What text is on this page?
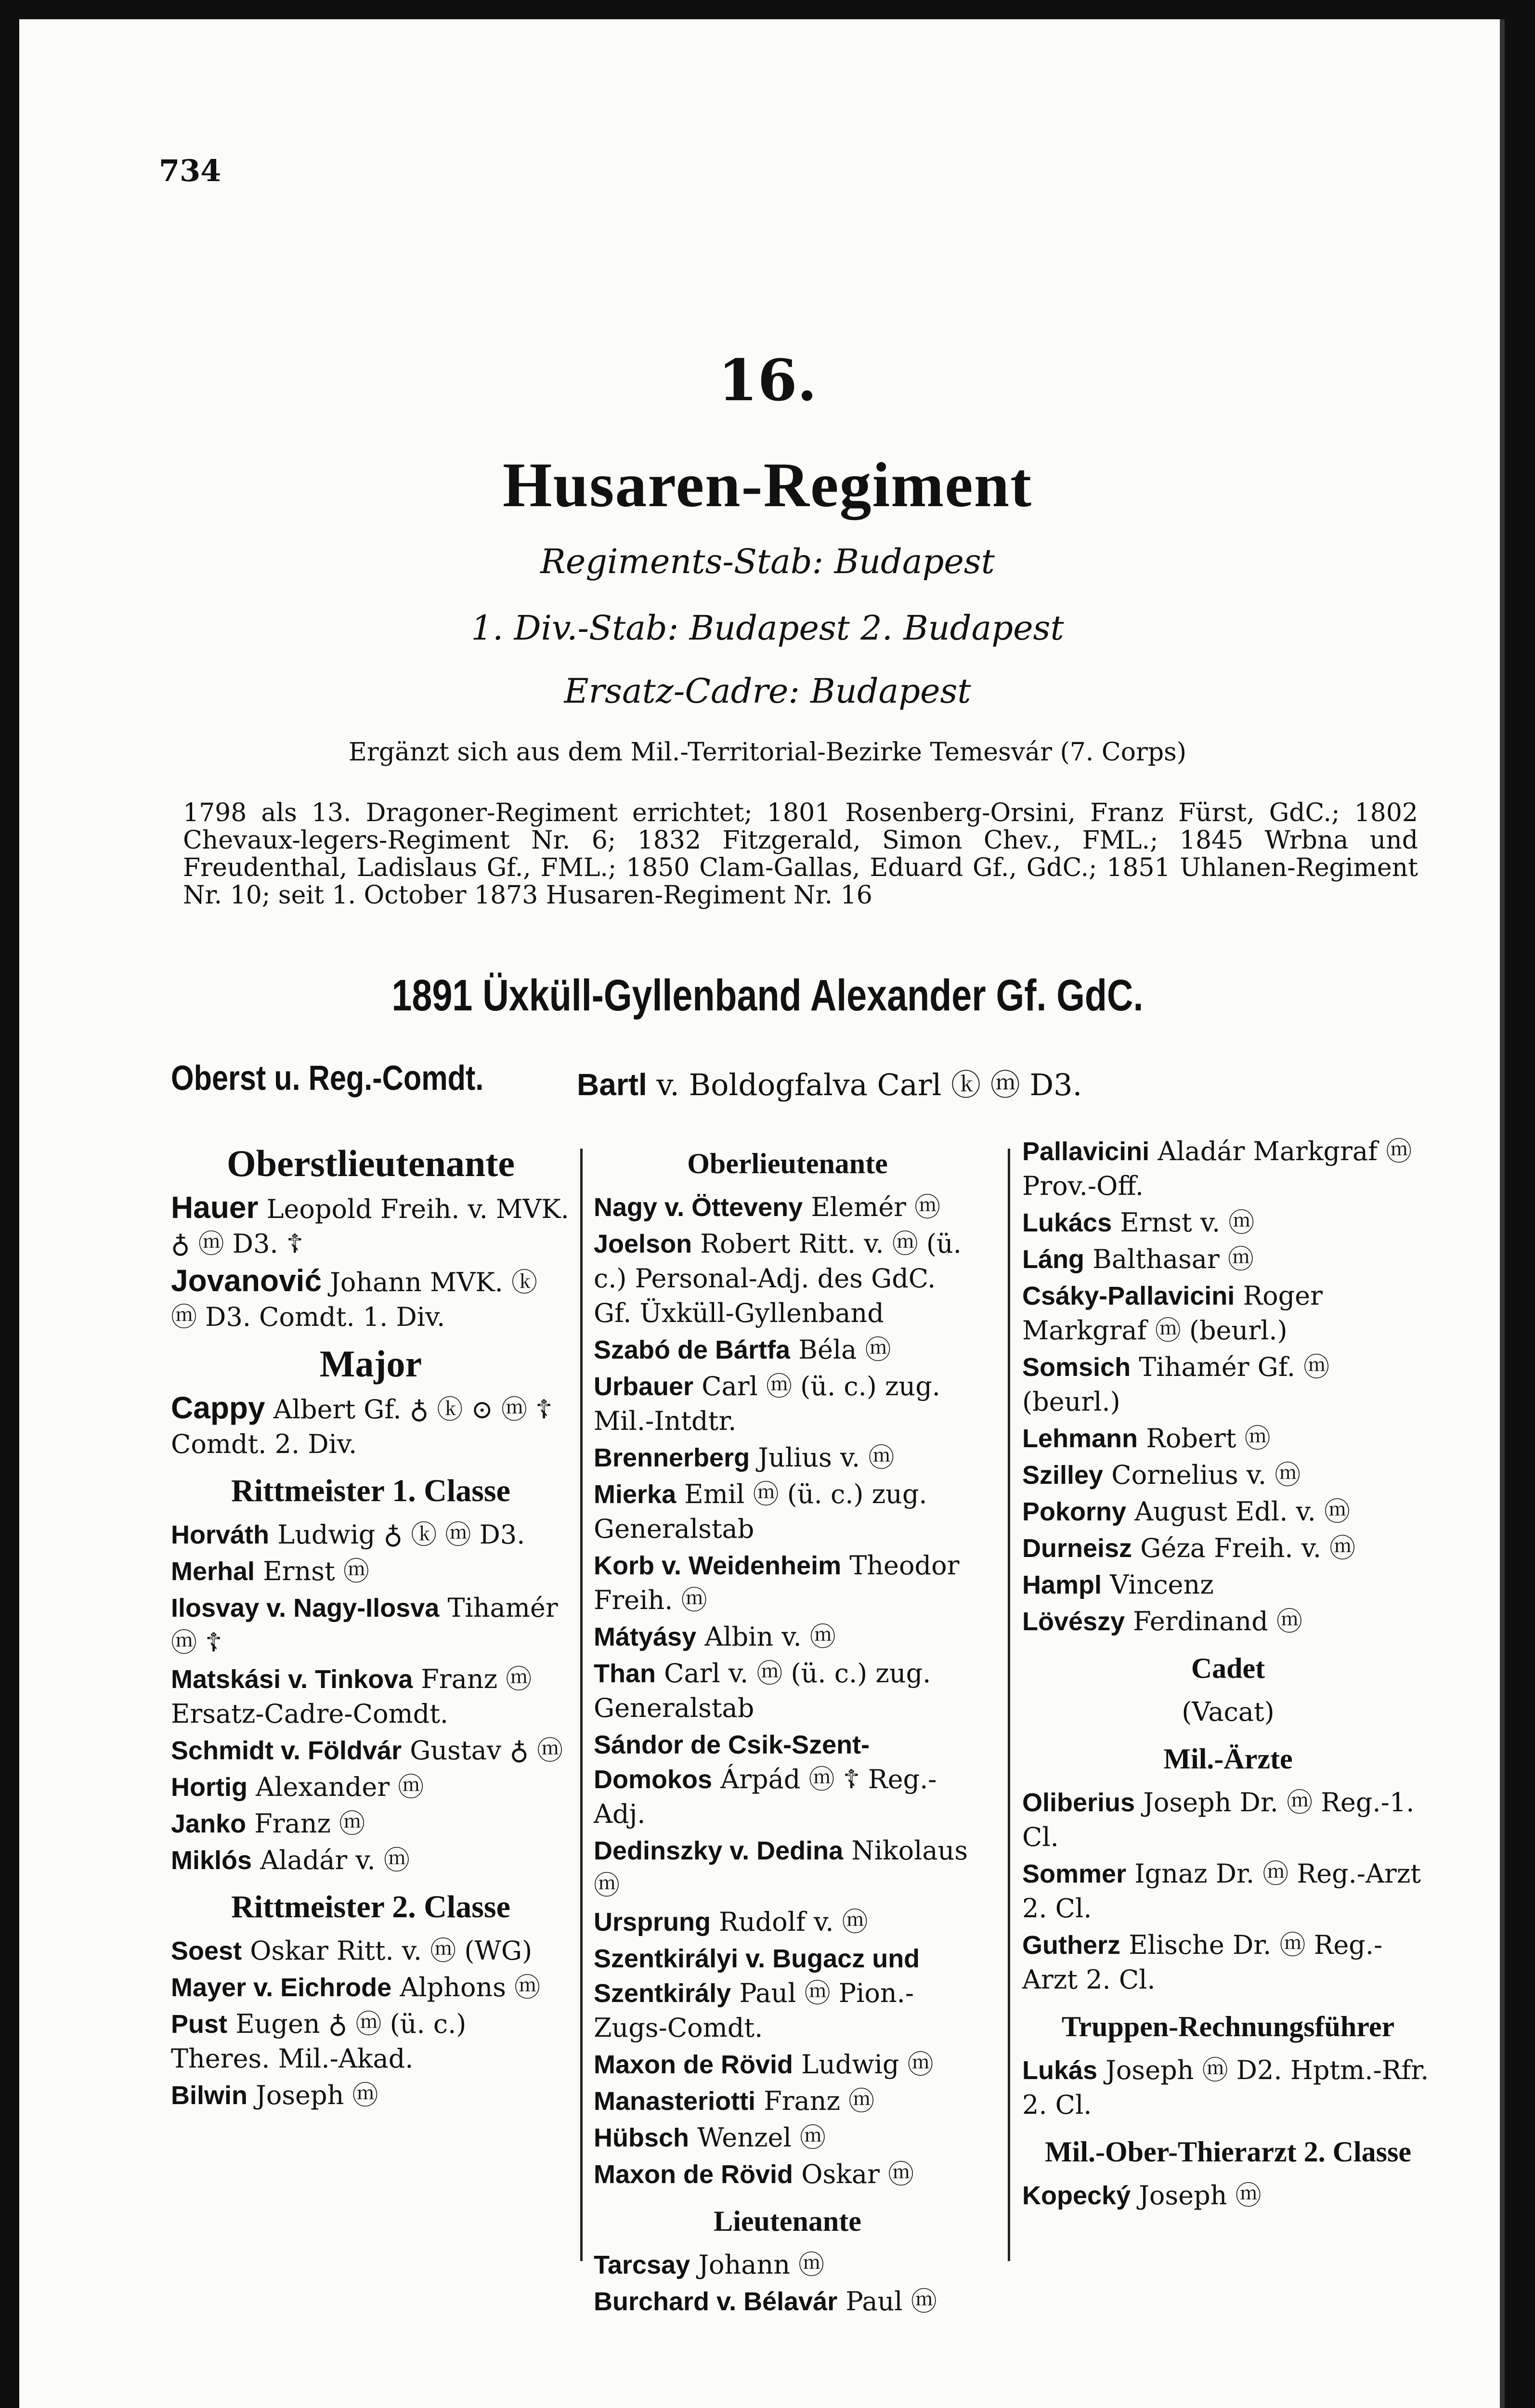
734
16.
Husaren-Regiment
Regiments-Stab: Budapest
1. Div.-Stab: Budapest 2. Budapest
Ersatz-Cadre: Budapest
Ergänzt sich aus dem Mil.-Territorial-Bezirke Temesvár (7. Corps)
1798 als 13. Dragoner-Regiment errichtet; 1801 Rosenberg-Orsini, Franz Fürst, GdC.; 1802 Chevaux-legers-Regiment Nr. 6; 1832 Fitzgerald, Simon Chev., FML.; 1845 Wrbna und Freudenthal, Ladislaus Gf., FML.; 1850 Clam-Gallas, Eduard Gf., GdC.; 1851 Uhlanen-Regiment Nr. 10; seit 1. October 1873 Husaren-Regiment Nr. 16
1891 Üxküll-Gyllenband Alexander Gf. GdC.
Oberst u. Reg.-Comdt.	Bartl v. Boldogfalva Carl ⓚ ⓜ D3.
Oberstlieutenante
Hauer Leopold Freih. v. MVK. ♁ ⓜ D3. ☦
Jovanović Johann MVK. ⓚ ⓜ D3. Comdt. 1. Div.
Major
Cappy Albert Gf. ♁ ⓚ ⊙ ⓜ ☦ Comdt. 2. Div.
Rittmeister 1. Classe
Horváth Ludwig ♁ ⓚ ⓜ D3.
Merhal Ernst ⓜ
Ilosvay v. Nagy-Ilosva Tihamér ⓜ ☦
Matskási v. Tinkova Franz ⓜ Ersatz-Cadre-Comdt.
Schmidt v. Földvár Gustav ♁ ⓜ
Hortig Alexander ⓜ
Janko Franz ⓜ
Miklós Aladár v. ⓜ
Rittmeister 2. Classe
Soest Oskar Ritt. v. ⓜ (WG)
Mayer v. Eichrode Alphons ⓜ
Pust Eugen ♁ ⓜ (ü. c.) Theres. Mil.-Akad.
Bilwin Joseph ⓜ
Oberlieutenante
Nagy v. Ötteveny Elemér ⓜ
Joelson Robert Ritt. v. ⓜ (ü. c.) Personal-Adj. des GdC. Gf. Üxküll-Gyllenband
Szabó de Bártfa Béla ⓜ
Urbauer Carl ⓜ (ü. c.) zug. Mil.-Intdtr.
Brennerberg Julius v. ⓜ
Mierka Emil ⓜ (ü. c.) zug. Generalstab
Korb v. Weidenheim Theodor Freih. ⓜ
Mátyásy Albin v. ⓜ
Than Carl v. ⓜ (ü. c.) zug. Generalstab
Sándor de Csik-Szent-Domokos Árpád ⓜ ☦ Reg.-Adj.
Dedinszky v. Dedina Nikolaus ⓜ
Ursprung Rudolf v. ⓜ
Szentkirályi v. Bugacz und Szentkirály Paul ⓜ Pion.-Zugs-Comdt.
Maxon de Rövid Ludwig ⓜ
Manasteriotti Franz ⓜ
Hübsch Wenzel ⓜ
Maxon de Rövid Oskar ⓜ
Lieutenante
Tarcsay Johann ⓜ
Burchard v. Bélavár Paul ⓜ
Pallavicini Aladár Markgraf ⓜ Prov.-Off.
Lukács Ernst v. ⓜ
Láng Balthasar ⓜ
Csáky-Pallavicini Roger Markgraf ⓜ (beurl.)
Somsich Tihamér Gf. ⓜ (beurl.)
Lehmann Robert ⓜ
Szilley Cornelius v. ⓜ
Pokorny August Edl. v. ⓜ
Durneisz Géza Freih. v. ⓜ
Hampl Vincenz
Lövészy Ferdinand ⓜ
Cadet
(Vacat)
Mil.-Ärzte
Oliberius Joseph Dr. ⓜ Reg.-1. Cl.
Sommer Ignaz Dr. ⓜ Reg.-Arzt 2. Cl.
Gutherz Elische Dr. ⓜ Reg.-Arzt 2. Cl.
Truppen-Rechnungsführer
Lukás Joseph ⓜ D2. Hptm.-Rfr. 2. Cl.
Mil.-Ober-Thierarzt 2. Classe
Kopecký Joseph ⓜ
